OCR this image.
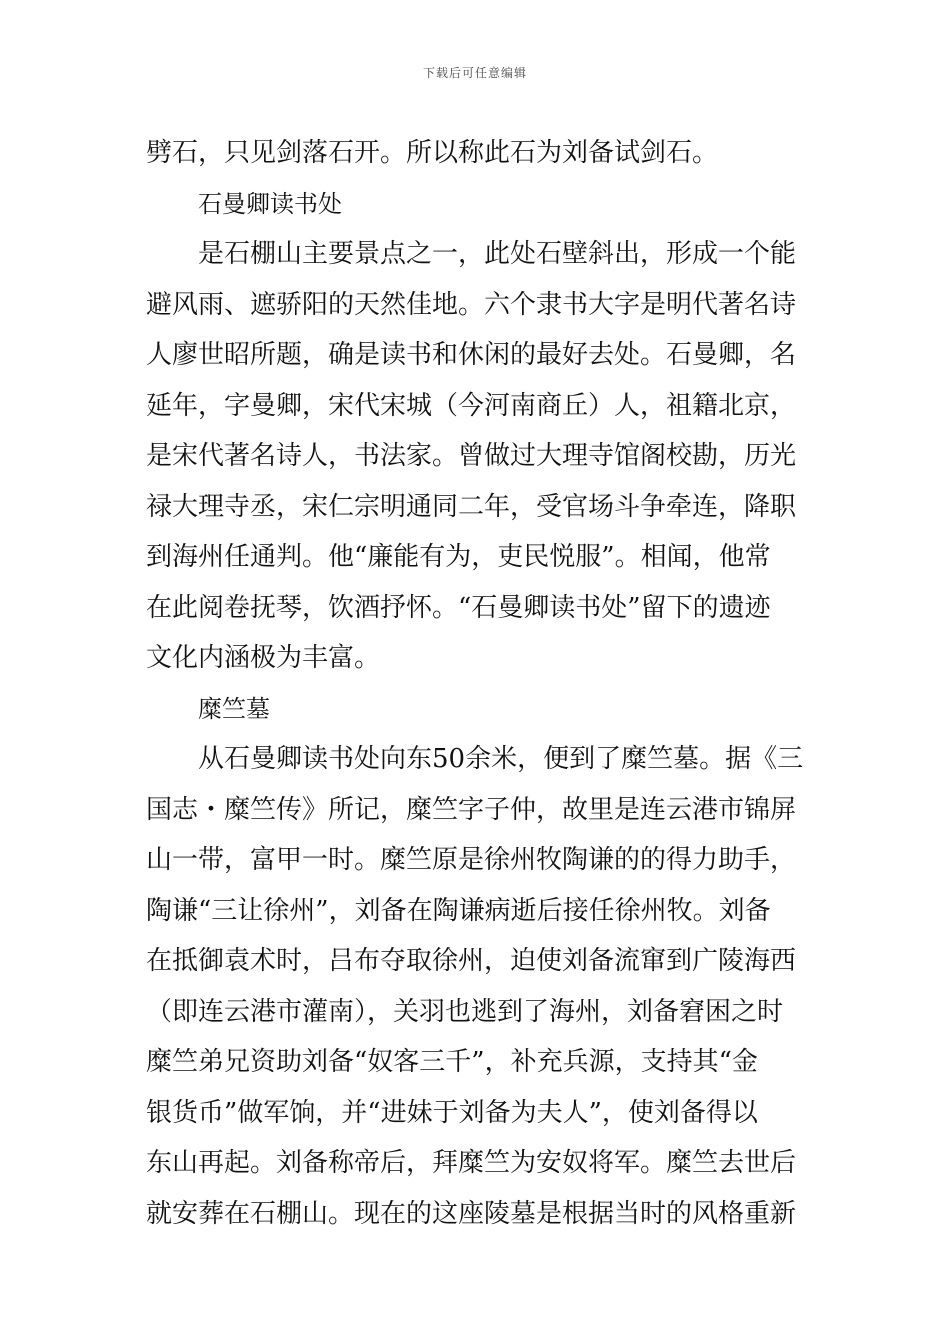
下载后可任意编辑
劈石，只见剑落石开。所以称此石为刘备试剑石。
石曼卿读书处
是石棚山主要景点之一，此处石壁斜出，形成一个能
避风雨、遮骄阳的天然佳地。六个隶书大字是明代著名诗
人廖世昭所题，确是读书和休闲的最好去处。石曼卿，名
延年，字曼卿，宋代宋城（今河南商丘）人，祖籍北京，
是宋代著名诗人，书法家。曾做过大理寺馆阁校勘，历光
禄大理寺丞，宋仁宗明通同二年，受官场斗争牵连，降职
到海州任通判。他“廉能有为，吏民悦服”。相闻，他常
在此阅卷抚琴，饮酒抒怀。“石曼卿读书处”留下的遗迹
文化内涵极为丰富。
糜竺墓
从石曼卿读书处向东50余米，便到了糜竺墓。据《三
国志・糜竺传》所记，糜竺字子仲，故里是连云港市锦屏
山一带，富甲一时。糜竺原是徐州牧陶谦的的得力助手，
陶谦“三让徐州”，刘备在陶谦病逝后接任徐州牧。刘备
在抵御袁术时，吕布夺取徐州，迫使刘备流窜到广陵海西
（即连云港市灌南），关羽也逃到了海州，刘备窘困之时
糜竺弟兄资助刘备“奴客三千”，补充兵源，支持其“金
银货币”做军饷，并“进妹于刘备为夫人”，使刘备得以
东山再起。刘备称帝后，拜糜竺为安奴将军。糜竺去世后
就安葬在石棚山。现在的这座陵墓是根据当时的风格重新
